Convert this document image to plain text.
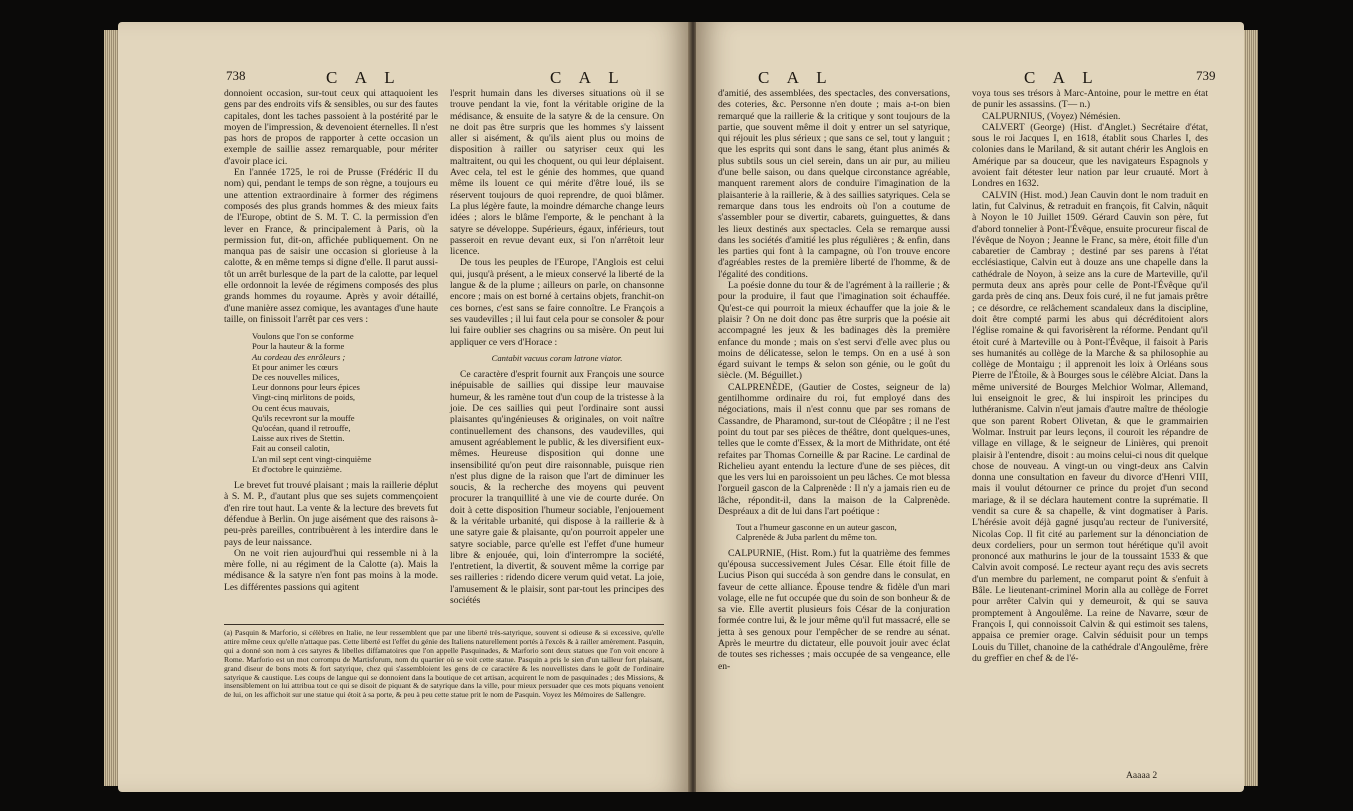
738	C A L	C A L

donnoient occasion, sur-tout ceux qui attaquoient les gens par des endroits vifs & sensibles, ou sur des fautes capitales, dont les taches passoient à la postérité par le moyen de l'impression, & devenoient éternelles. Il n'est pas hors de propos de rapporter à cette occasion un exemple de saillie assez remarquable, pour mériter d'avoir place ici.

En l'année 1725, le roi de Prusse (Frédéric II du nom) qui, pendant le temps de son règne, a toujours eu une attention extraordinaire à former des régimens composés des plus grands hommes & des mieux faits de l'Europe, obtint de S. M. T. C. la permission d'en lever en France, & principalement à Paris, où la permission fut, dit-on, affichée publiquement. On ne manqua pas de saisir une occasion si glorieuse à la calotte, & en même temps si digne d'elle. Il parut aussi-tôt un arrêt burlesque de la part de la calotte, par lequel elle ordonnoit la levée de régimens composés des plus grands hommes du royaume. Après y avoir détaillé, d'une manière assez comique, les avantages d'une haute taille, on finissoit l'arrêt par ces vers :

Voulons que l'on se conforme
Pour la hauteur & la forme
Au cordeau des enrôleurs ;
Et pour animer les cœurs
De ces nouvelles milices,
Leur donnons pour leurs épices
Vingt-cinq mirlitons de poids,
Ou cent écus mauvais,
Qu'ils recevront sur la mouffe
Qu'océan, quand il retrouffe,
Laisse aux rives de Stettin.
Fait au conseil calotin,
L'an mil sept cent vingt-cinquième
Et d'octobre le quinzième.

Le brevet fut trouvé plaisant ; mais la raillerie déplut à S. M. P., d'autant plus que ses sujets commençoient d'en rire tout haut. La vente & la lecture des brevets fut défendue à Berlin. On juge aisément que des raisons à-peu-près pareilles, contribuèrent à les interdire dans le pays de leur naissance.

On ne voit rien aujourd'hui qui ressemble ni à la mère folle, ni au régiment de la Calotte (a). Mais la médisance & la satyre n'en font pas moins à la mode. Les différentes passions qui agitent

l'esprit humain dans les diverses situations où il se trouve pendant la vie, font la véritable origine de la médisance, & ensuite de la satyre & de la censure. On ne doit pas être surpris que les hommes s'y laissent aller si aisément, & qu'ils aient plus ou moins de disposition à railler ou satyriser ceux qui les maltraitent, ou qui les choquent, ou qui leur déplaisent. Avec cela, tel est le génie des hommes, que quand même ils louent ce qui mérite d'être loué, ils se réservent toujours de quoi reprendre, de quoi blâmer. La plus légère faute, la moindre démarche change leurs idées ; alors le blâme l'emporte, & le penchant à la satyre se développe. Supérieurs, égaux, inférieurs, tout passeroit en revue devant eux, si l'on n'arrêtoit leur licence.

De tous les peuples de l'Europe, l'Anglois est celui qui, jusqu'à présent, a le mieux conservé la liberté de la langue & de la plume ; ailleurs on parle, on chansonne encore ; mais on est borné à certains objets, franchit-on ces bornes, c'est sans se faire connoître. Le François a ses vaudevilles ; il lui faut cela pour se consoler & pour lui faire oublier ses chagrins ou sa misère. On peut lui appliquer ce vers d'Horace :

Cantabit vacuus coram latrone viator.

Ce caractère d'esprit fournit aux François une source inépuisable de saillies qui dissipe leur mauvaise humeur, & les ramène tout d'un coup de la tristesse à la joie. De ces saillies qui peut l'ordinaire sont aussi plaisantes qu'ingénieuses & originales, on voit naître continuellement des chansons, des vaudevilles, qui amusent agréablement le public, & les diversifient eux-mêmes. Heureuse disposition qui donne une insensibilité qu'on peut dire raisonnable, puisque rien n'est plus digne de la raison que l'art de diminuer les soucis, & la recherche des moyens qui peuvent procurer la tranquillité à une vie de courte durée. On doit à cette disposition l'humeur sociable, l'enjouement & la véritable urbanité, qui dispose à la raillerie & à une satyre gaie & plaisante, qu'on pourroit appeler une satyre sociable, parce qu'elle est l'effet d'une humeur libre & enjouée, qui, loin d'interrompre la société, l'entretient, la divertit, & souvent même la corrige par ses railleries : ridendo dicere verum quid vetat. La joie, l'amusement & le plaisir, sont par-tout les principes des sociétés

(a) Pasquin & Marforio, si célèbres en Italie, ne leur ressemblent que par une liberté très-satyrique, souvent si odieuse & si excessive, qu'elle attire même ceux qu'elle n'attaque pas. Cette liberté est l'effet du génie des Italiens naturellement portés à l'excès & à railler amèrement. Pasquin, qui a donné son nom à ces satyres & libelles diffamatoires que l'on appelle Pasquinades, & Marforio sont deux statues que l'on voit encore à Rome. Marforio est un mot corrompu de Martisforum, nom du quartier où se voit cette statue. Pasquin a pris le sien d'un tailleur fort plaisant, grand diseur de bons mots & fort satyrique, chez qui s'assembloient les gens de ce caractère & les nouvellistes dans le goût de l'ordinaire satyrique & caustique. Les coups de langue qui se donnoient dans la boutique de cet artisan, acquirent le nom de pasquinades ; des Missions, & insensiblement on lui attribua tout ce qui se disoit de piquant & de satyrique dans la ville, pour mieux persuader que ces mots piquans venoient de lui, on les affichoit sur une statue qui étoit à sa porte, & peu à peu cette statue prit le nom de Pasquin. Voyez les Mémoires de Sallengre.
C A L	C A L	739

d'amitié, des assemblées, des spectacles, des conversations, des coteries, &c. Personne n'en doute ; mais a-t-on bien remarqué que la raillerie & la critique y sont toujours de la partie, que souvent même il doit y entrer un sel satyrique, qui réjouit les plus sérieux ; que sans ce sel, tout y languit ; que les esprits qui sont dans le sang, étant plus animés & plus subtils sous un ciel serein, dans un air pur, au milieu d'une belle saison, ou dans quelque circonstance agréable, manquent rarement alors de conduire l'imagination de la plaisanterie à la raillerie, & à des saillies satyriques. Cela se remarque dans tous les endroits où l'on a coutume de s'assembler pour se divertir, cabarets, guinguettes, & dans les lieux destinés aux spectacles. Cela se remarque aussi dans les sociétés d'amitié les plus régulières ; & enfin, dans les parties qui font à la campagne, où l'on trouve encore d'agréables restes de la première liberté de l'homme, & de l'égalité des conditions.

La poésie donne du tour & de l'agrément à la raillerie ; & pour la produire, il faut que l'imagination soit échauffée. Qu'est-ce qui pourroit la mieux échauffer que la joie & le plaisir ? On ne doit donc pas être surpris que la poésie ait accompagné les jeux & les badinages dès la première enfance du monde ; mais on s'est servi d'elle avec plus ou moins de délicatesse, selon le temps. On en a usé à son égard suivant le temps & selon son génie, ou le goût du siècle. (M. Béguillet.)

CALPRENÈDE, (Gautier de Costes, seigneur de la) gentilhomme ordinaire du roi, fut employé dans des négociations, mais il n'est connu que par ses romans de Cassandre, de Pharamond, sur-tout de Cléopâtre ; il ne l'est point du tout par ses pièces de théâtre, dont quelques-unes, telles que le comte d'Essex, & la mort de Mithridate, ont été refaites par Thomas Corneille & par Racine. Le cardinal de Richelieu ayant entendu la lecture d'une de ses pièces, dit que les vers lui en paroissoient un peu lâches. Ce mot blessa l'orgueil gascon de la Calprenède : Il n'y a jamais rien eu de lâche, répondit-il, dans la maison de la Calprenède. Despréaux a dit de lui dans l'art poétique :

Tout a l'humeur gasconne en un auteur gascon,
Calprenède & Juba parlent du même ton.

CALPURNIE, (Hist. Rom.) fut la quatrième des femmes qu'épousa successivement Jules César. Elle étoit fille de Lucius Pison qui succéda à son gendre dans le consulat, en faveur de cette alliance. Épouse tendre & fidèle d'un mari volage, elle ne fut occupée que du soin de son bonheur & de sa vie. Elle avertit plusieurs fois César de la conjuration formée contre lui, & le jour même qu'il fut massacré, elle se jetta à ses genoux pour l'empêcher de se rendre au sénat. Après le meurtre du dictateur, elle pouvoit jouir avec éclat de toutes ses richesses ; mais occupée de sa vengeance, elle en-

voya tous ses trésors à Marc-Antoine, pour le mettre en état de punir les assassins. (T— n.)

CALPURNIUS, (Voyez) Némésien.

CALVERT (George) (Hist. d'Anglet.) Secrétaire d'état, sous le roi Jacques I, en 1618, établit sous Charles I, des colonies dans le Mariland, & sit autant chérir les Anglois en Amérique par sa douceur, que les navigateurs Espagnols y avoient fait détester leur nation par leur cruauté. Mort à Londres en 1632.

CALVIN (Hist. mod.) Jean Cauvin dont le nom traduit en latin, fut Calvinus, & retraduit en françois, fit Calvin, nâquit à Noyon le 10 Juillet 1509. Gérard Cauvin son père, fut d'abord tonnelier à Pont-l'Évêque, ensuite procureur fiscal de l'évêque de Noyon ; Jeanne le Franc, sa mère, étoit fille d'un cabaretier de Cambray ; destiné par ses parens à l'état ecclésiastique, Calvin eut à douze ans une chapelle dans la cathédrale de Noyon, à seize ans la cure de Marteville, qu'il permuta deux ans après pour celle de Pont-l'Évêque qu'il garda près de cinq ans. Deux fois curé, il ne fut jamais prêtre ; ce désordre, ce relâchement scandaleux dans la discipline, doit être compté parmi les abus qui décréditoient alors l'église romaine & qui favorisèrent la réforme. Pendant qu'il étoit curé à Marteville ou à Pont-l'Évêque, il faisoit à Paris ses humanités au collège de la Marche & sa philosophie au collège de Montaigu ; il apprenoit les loix à Orléans sous Pierre de l'Étoile, & à Bourges sous le célèbre Alciat. Dans la même université de Bourges Melchior Wolmar, Allemand, lui enseignoit le grec, & lui inspiroit les principes du luthéranisme. Calvin n'eut jamais d'autre maître de théologie que son parent Robert Olivetan, & que le grammairien Wolmar. Instruit par leurs leçons, il couroit les répandre de village en village, & le seigneur de Linières, qui prenoit plaisir à l'entendre, disoit : au moins celui-ci nous dit quelque chose de nouveau. A vingt-un ou vingt-deux ans Calvin donna une consultation en faveur du divorce d'Henri VIII, mais il voulut détourner ce prince du projet d'un second mariage, & il se déclara hautement contre la suprématie. Il vendit sa cure & sa chapelle, & vint dogmatiser à Paris. L'hérésie avoit déjà gagné jusqu'au recteur de l'université, Nicolas Cop. Il fit cité au parlement sur la dénonciation de deux cordeliers, pour un sermon tout hérétique qu'il avoit prononcé aux mathurins le jour de la toussaint 1533 & que Calvin avoit composé. Le recteur ayant reçu des avis secrets d'un membre du parlement, ne comparut point & s'enfuit à Bâle. Le lieutenant-criminel Morin alla au collège de Forret pour arrêter Calvin qui y demeuroit, & qui se sauva promptement à Angoulême. La reine de Navarre, sœur de François I, qui connoissoit Calvin & qui estimoit ses talens, appaisa ce premier orage. Calvin séduisit pour un temps Louis du Tillet, chanoine de la cathédrale d'Angoulême, frère du greffier en chef & de l'é-

Aaaaa 2
